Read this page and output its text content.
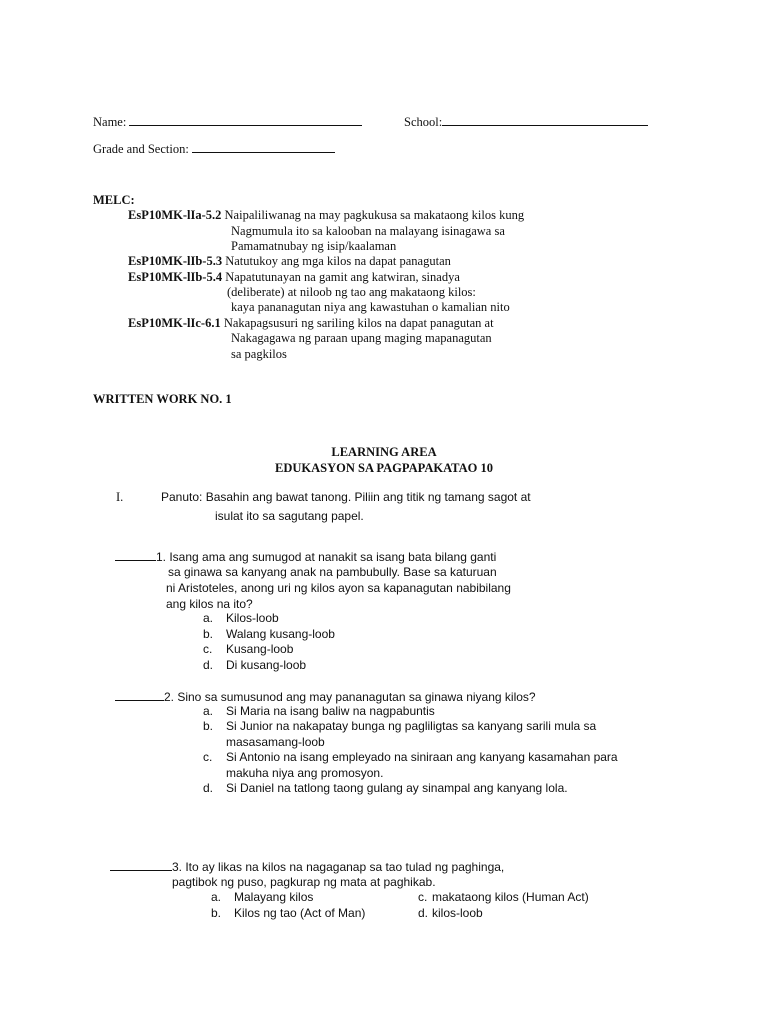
Name:	School:
Grade and Section:
MELC:
EsP10MK-lIa-5.2 Naipaliliwanag na may pagkukusa sa makataong kilos kung
Nagmumula ito sa kalooban na malayang isinagawa sa
Pamamatnubay ng isip/kaalaman
EsP10MK-lIb-5.3 Natutukoy ang mga kilos na dapat panagutan
EsP10MK-lIb-5.4 Napatutunayan na gamit ang katwiran, sinadya
(deliberate) at niloob ng tao ang makataong kilos:
kaya pananagutan niya ang kawastuhan o kamalian nito
EsP10MK-lIc-6.1 Nakapagsusuri ng sariling kilos na dapat panagutan at
Nakagagawa ng paraan upang maging mapanagutan
sa pagkilos
WRITTEN WORK NO. 1
LEARNING AREA
EDUKASYON SA PAGPAPAKATAO 10
I.	Panuto: Basahin ang bawat tanong. Piliin ang titik ng tamang sagot at
isulat ito sa sagutang papel.
1. Isang ama ang sumugod at nanakit sa isang bata bilang ganti
sa ginawa sa kanyang anak na pambubully. Base sa katuruan
ni Aristoteles, anong uri ng kilos ayon sa kapanagutan nabibilang
ang kilos na ito?
a. Kilos-loob
b. Walang kusang-loob
c. Kusang-loob
d. Di kusang-loob
2. Sino sa sumusunod ang may pananagutan sa ginawa niyang kilos?
a. Si Maria na isang baliw na nagpabuntis
b. Si Junior na nakapatay bunga ng pagliligtas sa kanyang sarili mula sa
masasamang-loob
c. Si Antonio na isang empleyado na siniraan ang kanyang kasamahan para
makuha niya ang promosyon.
d. Si Daniel na tatlong taong gulang ay sinampal ang kanyang lola.
3. Ito ay likas na kilos na nagaganap sa tao tulad ng paghinga,
pagtibok ng puso, pagkurap ng mata at paghikab.
a. Malayang kilos	c. makataong kilos (Human Act)
b. Kilos ng tao (Act of Man)	d. kilos-loob
